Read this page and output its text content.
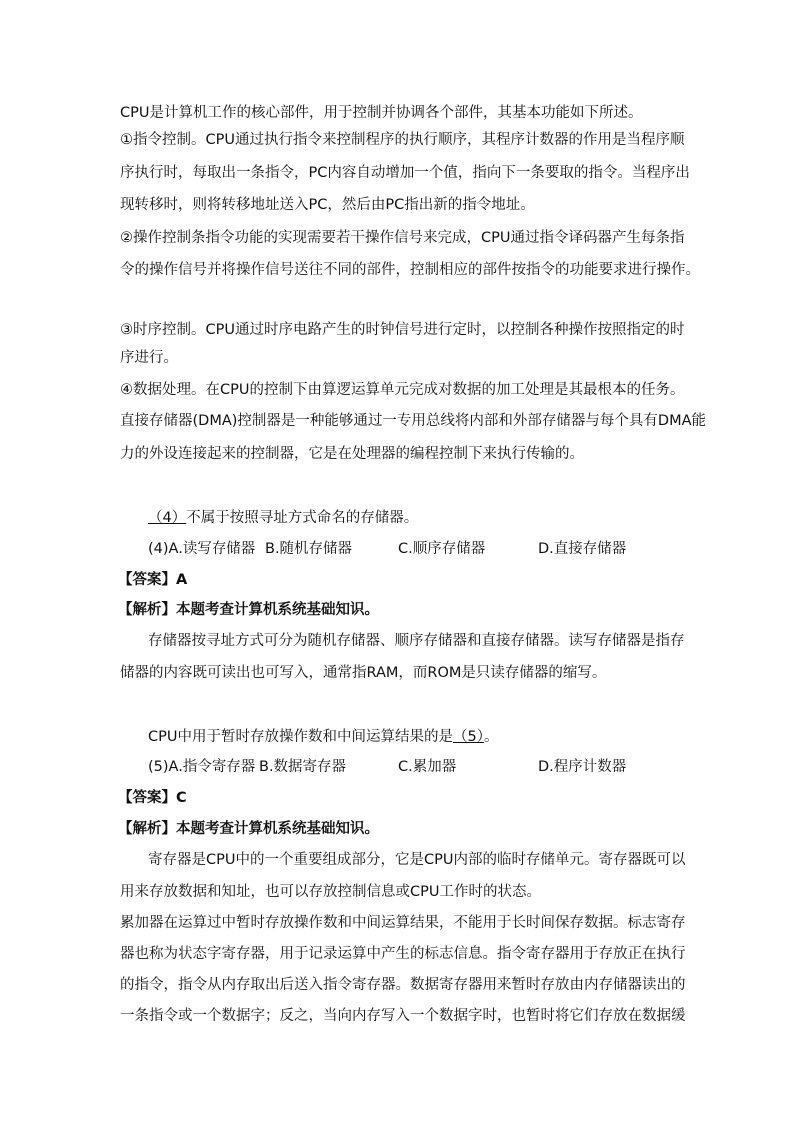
CPU是计算机工作的核心部件，用于控制并协调各个部件，其基本功能如下所述。
①指令控制。CPU通过执行指令来控制程序的执行顺序，其程序计数器的作用是当程序顺
序执行时，每取出一条指令，PC内容自动增加一个值，指向下一条要取的指令。当程序出
现转移时，则将转移地址送入PC，然后由PC指出新的指令地址。
②操作控制条指令功能的实现需要若干操作信号来完成，CPU通过指令译码器产生每条指
令的操作信号并将操作信号送往不同的部件，控制相应的部件按指令的功能要求进行操作。
③时序控制。CPU通过时序电路产生的时钟信号进行定时，以控制各种操作按照指定的时
序进行。
④数据处理。在CPU的控制下由算逻运算单元完成对数据的加工处理是其最根本的任务。
直接存储器(DMA)控制器是一种能够通过一专用总线将内部和外部存储器与每个具有DMA能
力的外设连接起来的控制器，它是在处理器的编程控制下来执行传输的。
（4）不属于按照寻址方式命名的存储器。
(4)A.读写存储器 B.随机存储器	C.顺序存储器	D.直接存储器
【答案】A
【解析】本题考查计算机系统基础知识。
存储器按寻址方式可分为随机存储器、顺序存储器和直接存储器。读写存储器是指存
储器的内容既可读出也可写入，通常指RAM，而ROM是只读存储器的缩写。
CPU中用于暂时存放操作数和中间运算结果的是（5）。
(5)A.指令寄存器 B.数据寄存器	C.累加器	D.程序计数器
【答案】C
【解析】本题考查计算机系统基础知识。
寄存器是CPU中的一个重要组成部分，它是CPU内部的临时存储单元。寄存器既可以
用来存放数据和知址，也可以存放控制信息或CPU工作时的状态。
累加器在运算过中暂时存放操作数和中间运算结果，不能用于长时间保存数据。标志寄存
器也称为状态字寄存器，用于记录运算中产生的标志信息。指令寄存器用于存放正在执行
的指令，指令从内存取出后送入指令寄存器。数据寄存器用来暂时存放由内存储器读出的
一条指令或一个数据字；反之，当向内存写入一个数据字时，也暂时将它们存放在数据缓
